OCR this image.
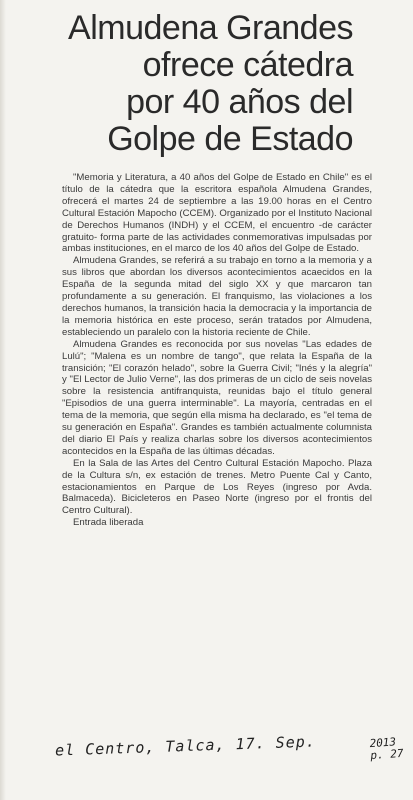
Almudena Grandes
ofrece cátedra
por 40 años del
Golpe de Estado

"Memoria y Literatura, a 40 años del Golpe de Estado en Chile" es el título de la cátedra que la escritora española Almudena Grandes, ofrecerá el martes 24 de septiembre a las 19.00 horas en el Centro Cultural Estación Mapocho (CCEM). Organizado por el Instituto Nacional de Derechos Humanos (INDH) y el CCEM, el encuentro -de carácter gratuito- forma parte de las actividades conmemorativas impulsadas por ambas instituciones, en el marco de los 40 años del Golpe de Estado.

Almudena Grandes, se referirá a su trabajo en torno a la memoria y a sus libros que abordan los diversos acontecimientos acaecidos en la España de la segunda mitad del siglo XX y que marcaron tan profundamente a su generación. El franquismo, las violaciones a los derechos humanos, la transición hacia la democracia y la importancia de la memoria histórica en este proceso, serán tratados por Almudena, estableciendo un paralelo con la historia reciente de Chile.

Almudena Grandes es reconocida por sus novelas "Las edades de Lulú"; "Malena es un nombre de tango", que relata la España de la transición; "El corazón helado", sobre la Guerra Civil; "Inés y la alegría" y "El Lector de Julio Verne", las dos primeras de un ciclo de seis novelas sobre la resistencia antifranquista, reunidas bajo el título general "Episodios de una guerra interminable". La mayoría, centradas en el tema de la memoria, que según ella misma ha declarado, es "el tema de su generación en España". Grandes es también actualmente columnista del diario El País y realiza charlas sobre los diversos acontecimientos acontecidos en la España de las últimas décadas.

En la Sala de las Artes del Centro Cultural Estación Mapocho. Plaza de la Cultura s/n, ex estación de trenes. Metro Puente Cal y Canto, estacionamientos en Parque de Los Reyes (ingreso por Avda. Balmaceda). Bicicleteros en Paseo Norte (ingreso por el frontis del Centro Cultural).

Entrada liberada

el Centro, Talca, 17. Sep.	2013
p. 27
